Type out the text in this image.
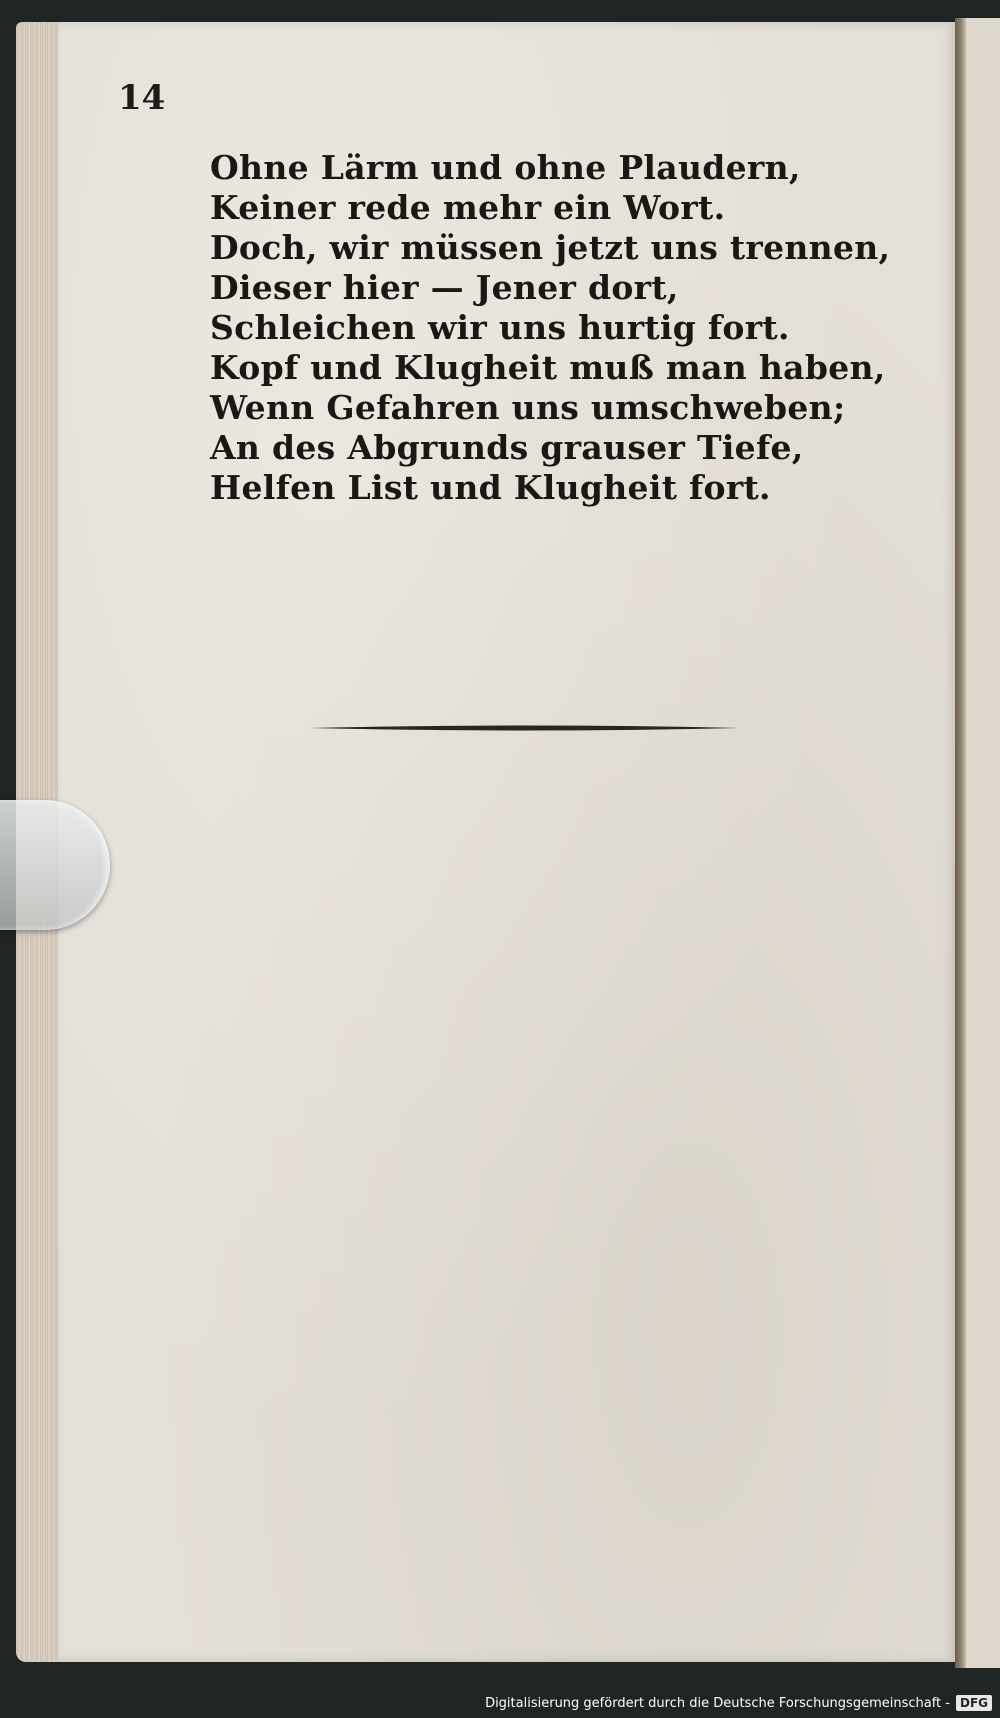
14
Ohne Lärm und ohne Plaudern,
Keiner rede mehr ein Wort.
Doch, wir müssen jetzt uns trennen,
Dieser hier — Jener dort,
Schleichen wir uns hurtig fort.
Kopf und Klugheit muß man haben,
Wenn Gefahren uns umschweben;
An des Abgrunds grauser Tiefe,
Helfen List und Klugheit fort.
Digitalisierung gefördert durch die Deutsche Forschungsgemeinschaft - DFG
